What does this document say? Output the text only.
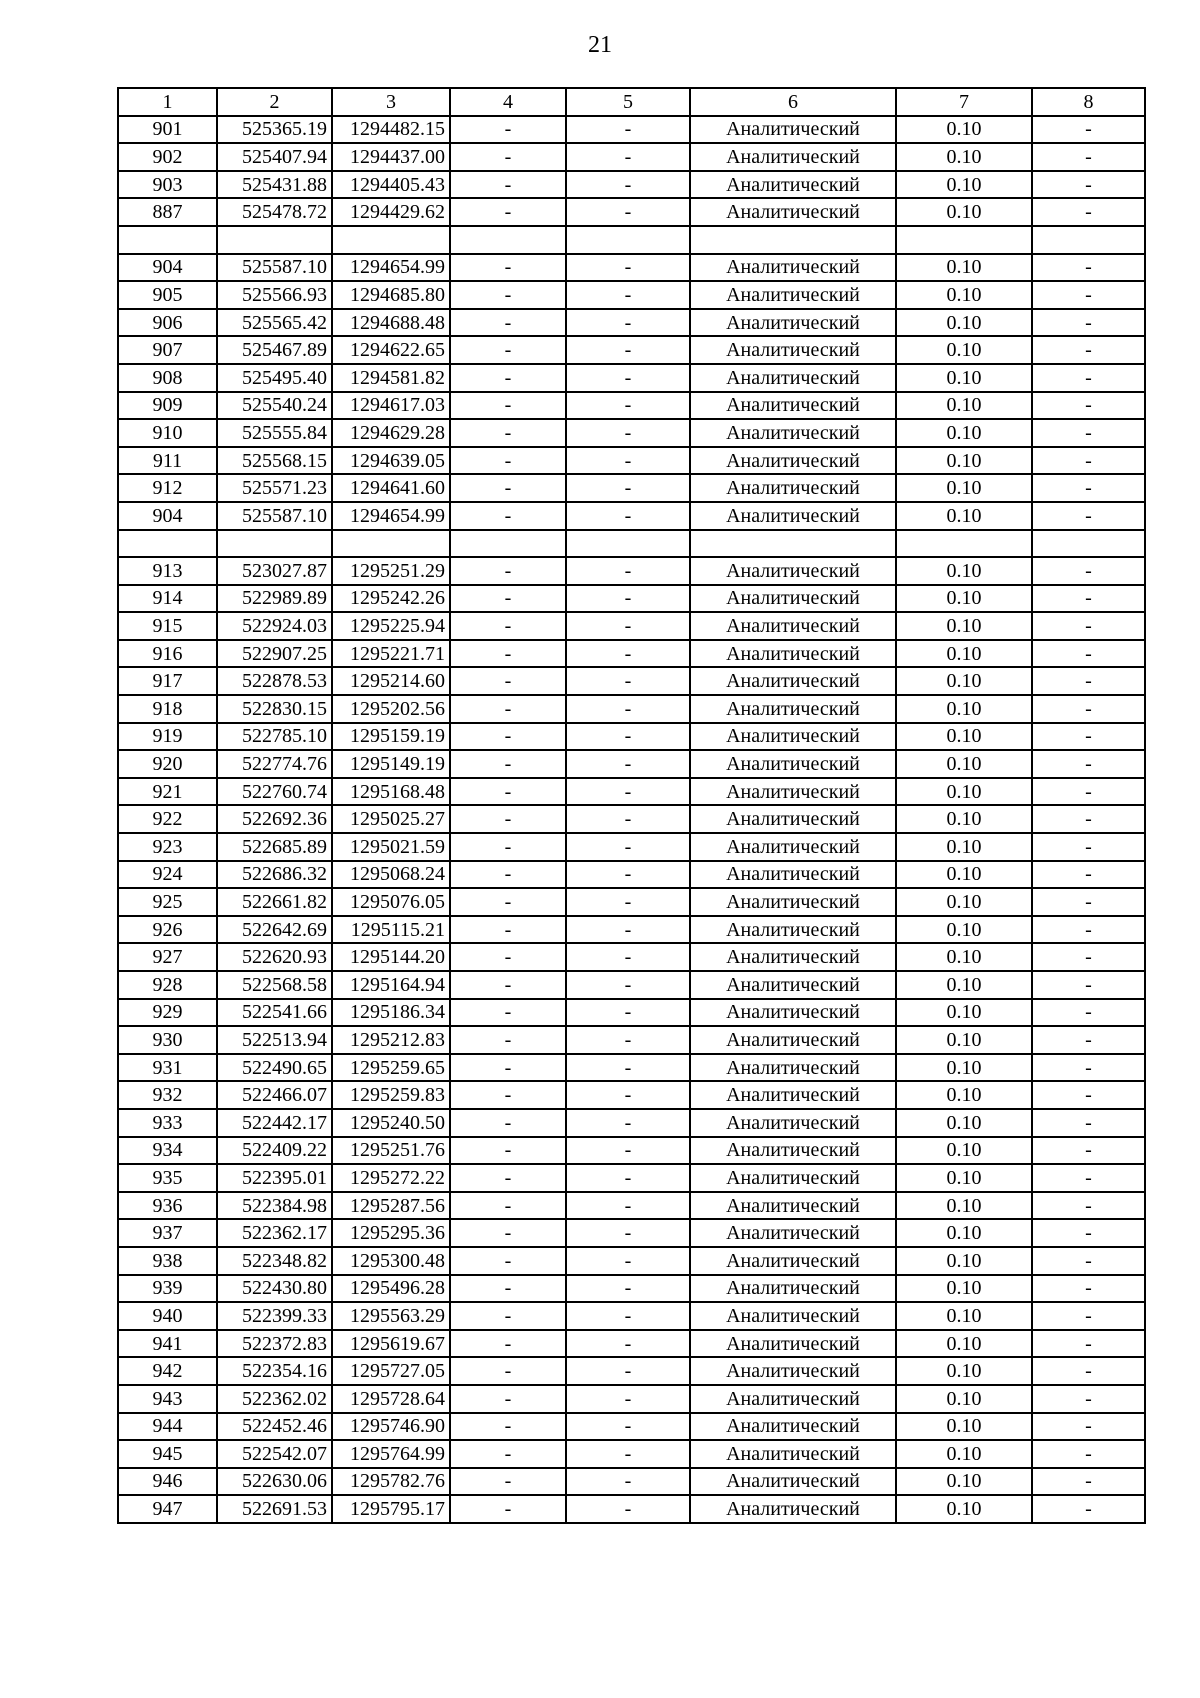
21
1	2	3	4	5	6	7	8
901	525365.19	1294482.15	-	-	Аналитический	0.10	-
902	525407.94	1294437.00	-	-	Аналитический	0.10	-
903	525431.88	1294405.43	-	-	Аналитический	0.10	-
887	525478.72	1294429.62	-	-	Аналитический	0.10	-

904	525587.10	1294654.99	-	-	Аналитический	0.10	-
905	525566.93	1294685.80	-	-	Аналитический	0.10	-
906	525565.42	1294688.48	-	-	Аналитический	0.10	-
907	525467.89	1294622.65	-	-	Аналитический	0.10	-
908	525495.40	1294581.82	-	-	Аналитический	0.10	-
909	525540.24	1294617.03	-	-	Аналитический	0.10	-
910	525555.84	1294629.28	-	-	Аналитический	0.10	-
911	525568.15	1294639.05	-	-	Аналитический	0.10	-
912	525571.23	1294641.60	-	-	Аналитический	0.10	-
904	525587.10	1294654.99	-	-	Аналитический	0.10	-

913	523027.87	1295251.29	-	-	Аналитический	0.10	-
914	522989.89	1295242.26	-	-	Аналитический	0.10	-
915	522924.03	1295225.94	-	-	Аналитический	0.10	-
916	522907.25	1295221.71	-	-	Аналитический	0.10	-
917	522878.53	1295214.60	-	-	Аналитический	0.10	-
918	522830.15	1295202.56	-	-	Аналитический	0.10	-
919	522785.10	1295159.19	-	-	Аналитический	0.10	-
920	522774.76	1295149.19	-	-	Аналитический	0.10	-
921	522760.74	1295168.48	-	-	Аналитический	0.10	-
922	522692.36	1295025.27	-	-	Аналитический	0.10	-
923	522685.89	1295021.59	-	-	Аналитический	0.10	-
924	522686.32	1295068.24	-	-	Аналитический	0.10	-
925	522661.82	1295076.05	-	-	Аналитический	0.10	-
926	522642.69	1295115.21	-	-	Аналитический	0.10	-
927	522620.93	1295144.20	-	-	Аналитический	0.10	-
928	522568.58	1295164.94	-	-	Аналитический	0.10	-
929	522541.66	1295186.34	-	-	Аналитический	0.10	-
930	522513.94	1295212.83	-	-	Аналитический	0.10	-
931	522490.65	1295259.65	-	-	Аналитический	0.10	-
932	522466.07	1295259.83	-	-	Аналитический	0.10	-
933	522442.17	1295240.50	-	-	Аналитический	0.10	-
934	522409.22	1295251.76	-	-	Аналитический	0.10	-
935	522395.01	1295272.22	-	-	Аналитический	0.10	-
936	522384.98	1295287.56	-	-	Аналитический	0.10	-
937	522362.17	1295295.36	-	-	Аналитический	0.10	-
938	522348.82	1295300.48	-	-	Аналитический	0.10	-
939	522430.80	1295496.28	-	-	Аналитический	0.10	-
940	522399.33	1295563.29	-	-	Аналитический	0.10	-
941	522372.83	1295619.67	-	-	Аналитический	0.10	-
942	522354.16	1295727.05	-	-	Аналитический	0.10	-
943	522362.02	1295728.64	-	-	Аналитический	0.10	-
944	522452.46	1295746.90	-	-	Аналитический	0.10	-
945	522542.07	1295764.99	-	-	Аналитический	0.10	-
946	522630.06	1295782.76	-	-	Аналитический	0.10	-
947	522691.53	1295795.17	-	-	Аналитический	0.10	-
